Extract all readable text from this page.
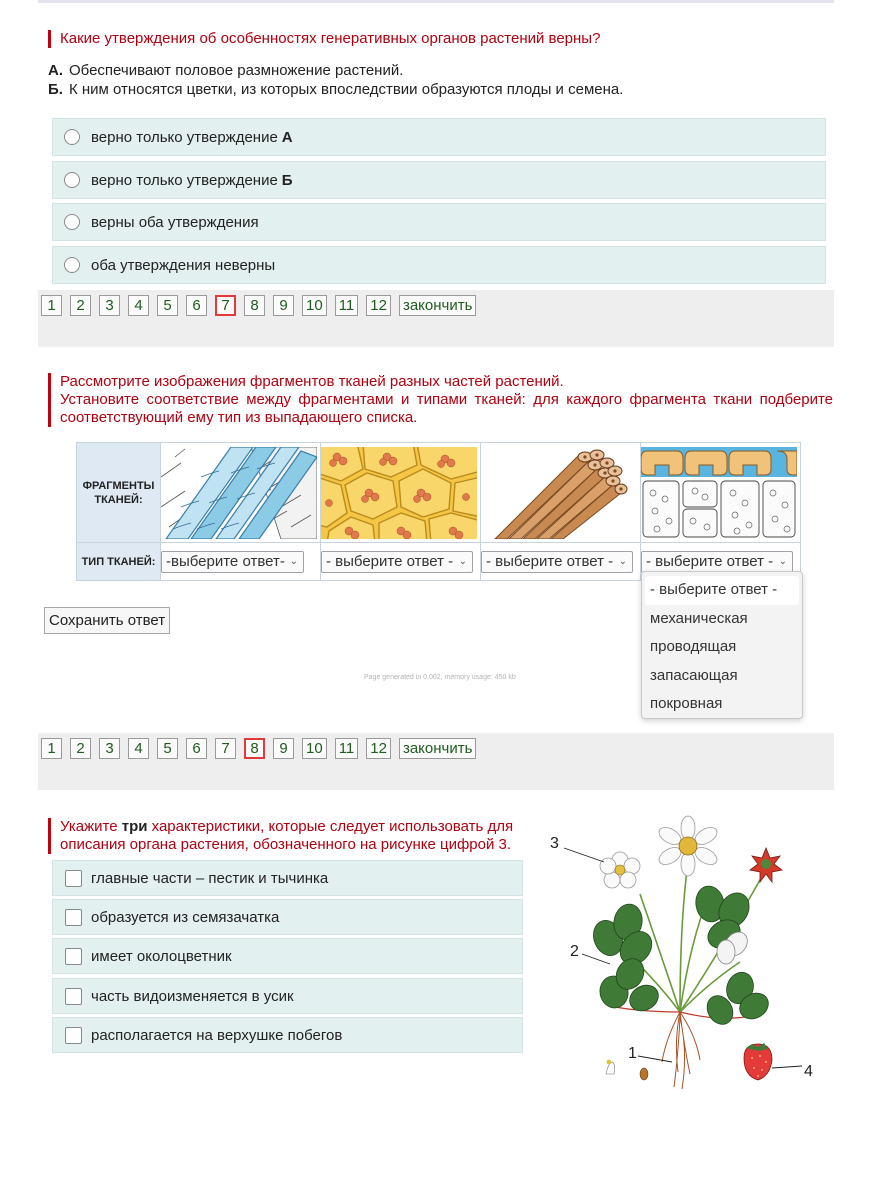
Какие утверждения об особенностях генеративных органов растений верны?
А. Обеспечивают половое размножение растений.
Б. К ним относятся цветки, из которых впоследствии образуются плоды и семена.
верно только утверждение А
верно только утверждение Б
верны оба утверждения
оба утверждения неверны
1	2	3	4	5	6	7	8	9	10 11 12 закончить
Рассмотрите изображения фрагментов тканей разных частей растений.
Установите соответствие между фрагментами и типами тканей: для каждого фрагмента ткани подберите соответствующий ему тип из выпадающего списка.
ФРАГМЕНТЫ ТКАНЕЙ:	

ТИП ТКАНЕЙ:	-выберите ответ- ⌄	- выберите ответ - ⌄	- выберите ответ - ⌄	- выберите ответ - ⌄
Сохранить ответ
Page generated in 0.002, memory usage: 450 kb
1	2	3	4	5	6	7	8	9	10 11 12 закончить
- выберите ответ -
механическая
проводящая
запасающая
покровная
Укажите три характеристики, которые следует использовать для описания органа растения, обозначенного на рисунке цифрой 3.
главные части – пестик и тычинка
образуется из семязачатка
имеет околоцветник
часть видоизменяется в усик
располагается на верхушке побегов
3
2
1
4
